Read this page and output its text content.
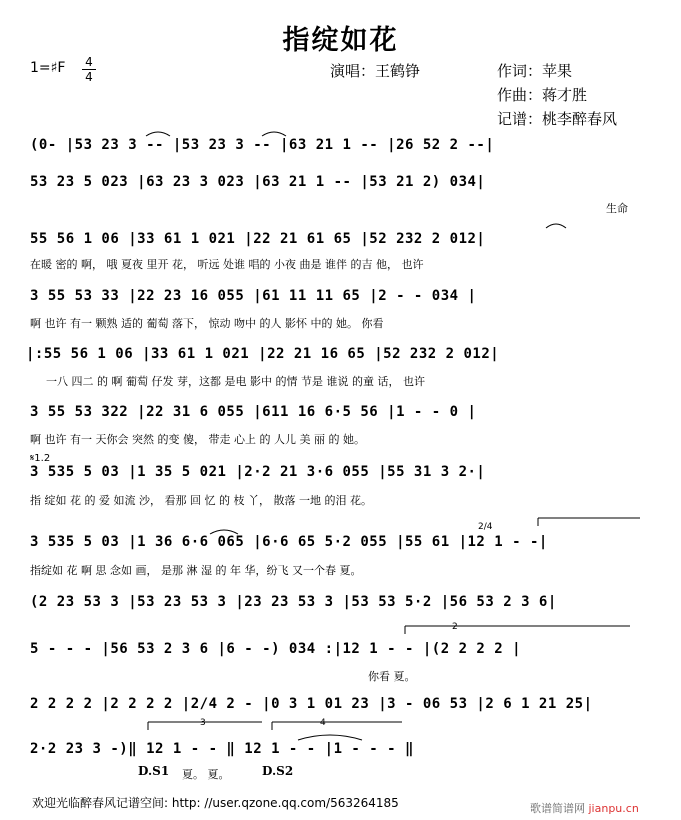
指绽如花
1=♯F 4
4	演唱：王鹤铮	作词：苹果
作曲：蒋才胜
记谱：桃李醉春风
(0- |53 23 3 -- |53 23 3 -- |63 21 1 -- |26 52 2 --|
53 23 5 023 |63 23 3 023 |63 21 1 -- |53 21 2) 034|
生命
55 56 1 06 |33 61 1 021 |22 21 61 65 |52 232 2 012|
在暖 密的 啊， 哦 夏夜 里开 花， 听远 处谁 唱的 小夜 曲是 谁伴 的吉 他， 也许
3 55 53 33 |22 23 16 055 |61 11 11 65 |2 - - 034 |
啊 也许 有一 颗熟 适的 葡萄 落下， 惊动 吻中 的人 影怀 中的 她。 你看
|:55 56 1 06 |33 61 1 021 |22 21 16 65 |52 232 2 012|
一八 四二 的 啊 葡萄 仔发 芽，这都 是电 影中 的情 节是 谁说 的童 话， 也许
3 55 53 322 |22 31 6 055 |611 16 6·5 56 |1 - - 0 |
啊 也许 有一 天你会 突然 的变 傻， 带走 心上 的 人儿 美 丽 的 她。
𝄋1.2
3 535 5 03 |1 35 5 021 |2·2 21 3·6 055 |55 31 3 2·|
指 绽如 花 的 爱 如流 沙， 看那 回 忆 的 枝 丫， 散落 一地 的泪 花。
2/4
3 535 5 03 |1 36 6·6 065 |6·6 65 5·2 055 |55 61 |12 1 - -|
指绽如 花 啊 思 念如 画， 是那 淋 湿 的 年 华，纷飞 又一个春 夏。
(2 23 53 3 |53 23 53 3 |23 23 53 3 |53 53 5·2 |56 53 2 3 6|
5 - - - |56 53 2 3 6 |6 - -) 034 :|12 1 - - |(2 2 2 2 |
你看 夏。
2
2 2 2 2 |2 2 2 2 |2/4 2 - |0 3 1 01 23 |3 - 06 53 |2 6 1 21 25|
3	4
2·2 23 3 -)‖ 12 1 - - ‖ 12 1 - - |1 - - - ‖
夏。 夏。
D.S1	D.S2
欢迎光临醉春风记谱空间: http: //user.qzone.qq.com/563264185	歌谱简谱网 jianpu.cn
